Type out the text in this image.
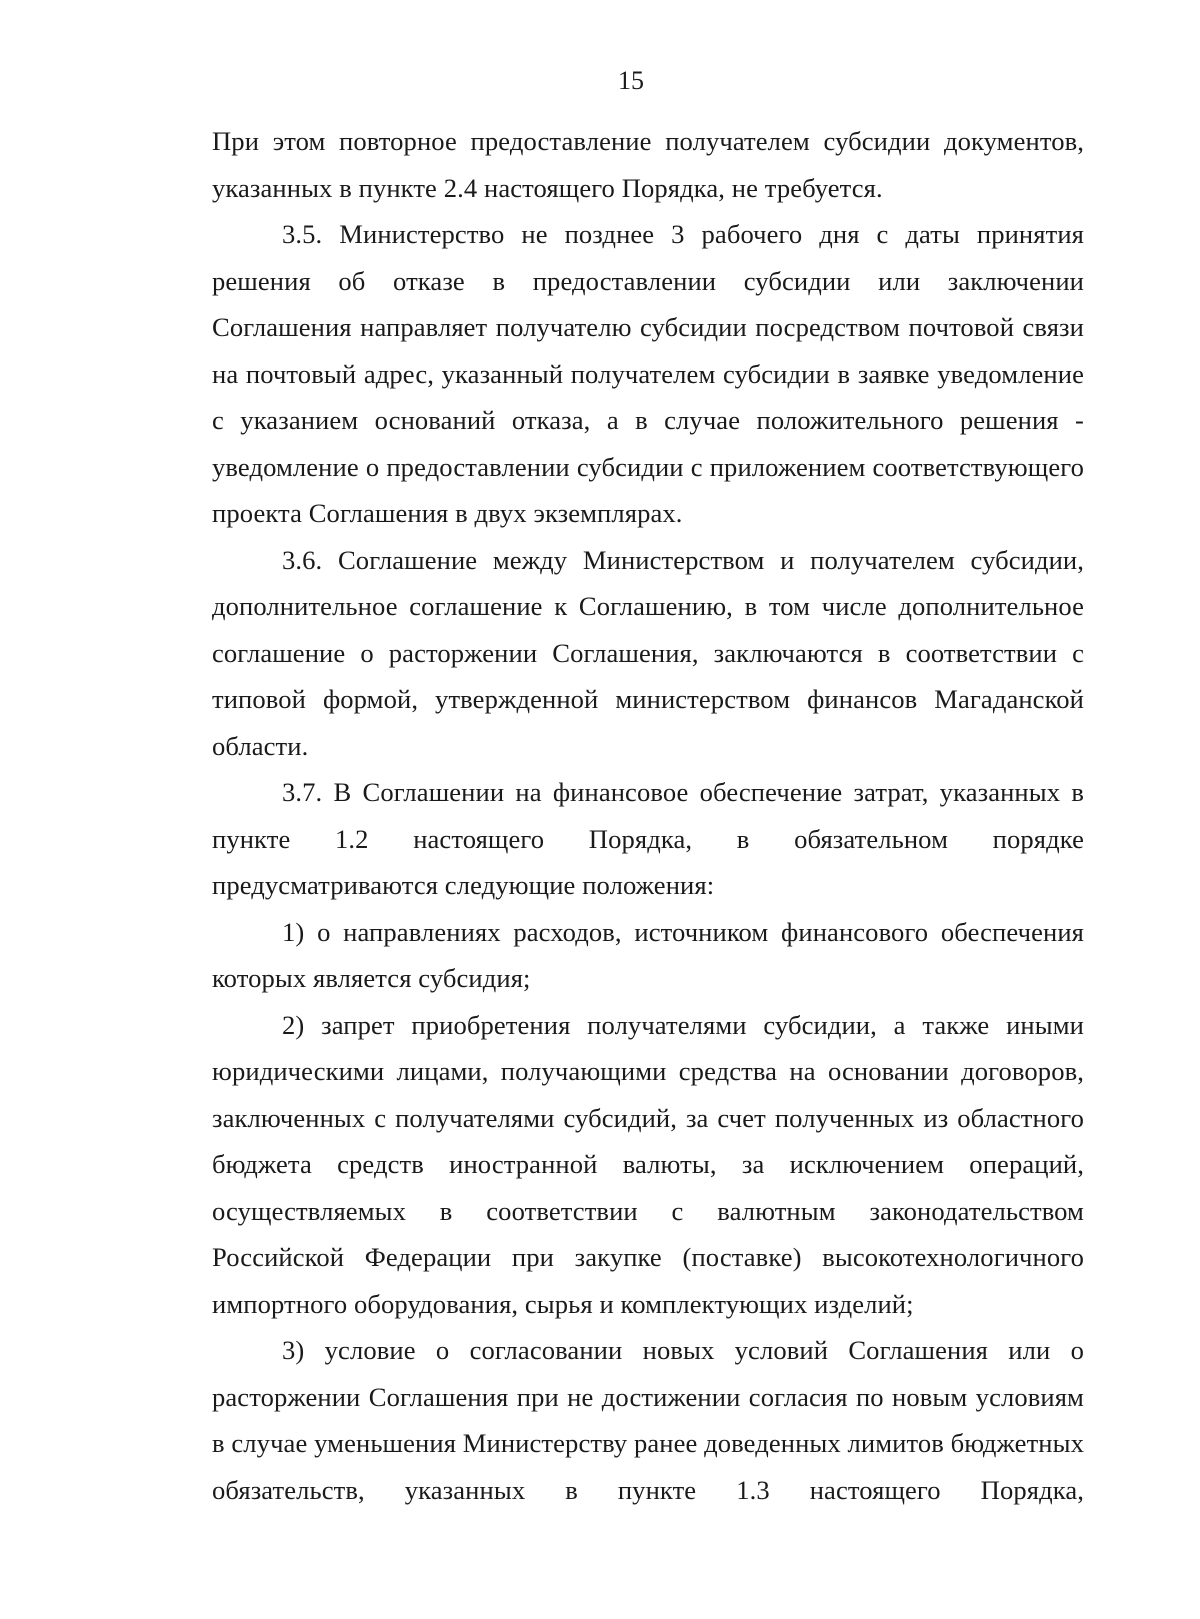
15

При этом повторное предоставление получателем субсидии документов, указанных в пункте 2.4 настоящего Порядка, не требуется.

3.5. Министерство не позднее 3 рабочего дня с даты принятия решения об отказе в предоставлении субсидии или заключении Соглашения направляет получателю субсидии посредством почтовой связи на почтовый адрес, указанный получателем субсидии в заявке уведомление с указанием оснований отказа, а в случае положительного решения - уведомление о предоставлении субсидии с приложением соответствующего проекта Соглашения в двух экземплярах.

3.6. Соглашение между Министерством и получателем субсидии, дополнительное соглашение к Соглашению, в том числе дополнительное соглашение о расторжении Соглашения, заключаются в соответствии с типовой формой, утвержденной министерством финансов Магаданской области.

3.7. В Соглашении на финансовое обеспечение затрат, указанных в пункте 1.2 настоящего Порядка, в обязательном порядке предусматриваются следующие положения:

1) о направлениях расходов, источником финансового обеспечения которых является субсидия;

2) запрет приобретения получателями субсидии, а также иными юридическими лицами, получающими средства на основании договоров, заключенных с получателями субсидий, за счет полученных из областного бюджета средств иностранной валюты, за исключением операций, осуществляемых в соответствии с валютным законодательством Российской Федерации при закупке (поставке) высокотехнологичного импортного оборудования, сырья и комплектующих изделий;

3) условие о согласовании новых условий Соглашения или о расторжении Соглашения при не достижении согласия по новым условиям в случае уменьшения Министерству ранее доведенных лимитов бюджетных обязательств, указанных в пункте 1.3 настоящего Порядка,
